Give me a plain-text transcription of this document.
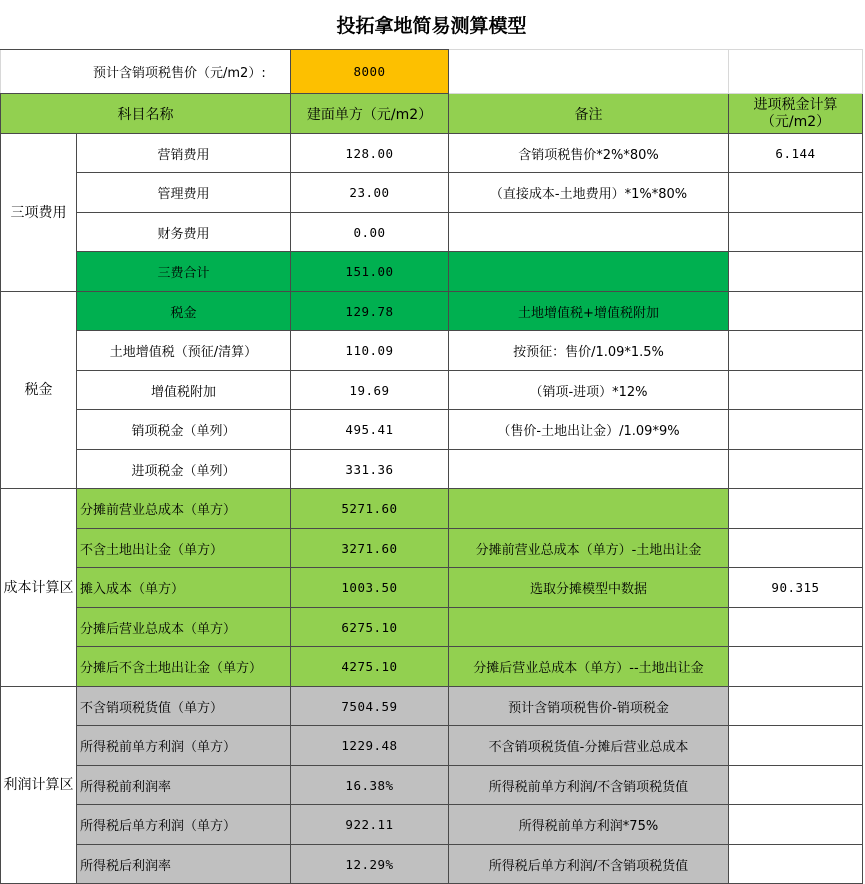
投拓拿地简易测算模型				
预计含销项税售价（元/m2）:		8000		
科目名称		建面单方（元/m2）	备注	进项税金计算（元/m2）
三项费用	营销费用	128.00	含销项税售价*2%*80%	6.144
	管理费用	23.00	（直接成本-土地费用）*1%*80%	
	财务费用	0.00		
	三费合计	151.00		
税金	税金	129.78	土地增值税+增值税附加	
	土地增值税（预征/清算）	110.09	按预征：售价/1.09*1.5%	
	增值税附加	19.69	（销项-进项）*12%	
	销项税金（单列）	495.41	（售价-土地出让金）/1.09*9%	
	进项税金（单列）	331.36		
成本计算区	分摊前营业总成本（单方）	5271.60		
	不含土地出让金（单方）	3271.60	分摊前营业总成本（单方）-土地出让金	
	摊入成本（单方）	1003.50	选取分摊模型中数据	90.315
	分摊后营业总成本（单方）	6275.10		
	分摊后不含土地出让金（单方）	4275.10	分摊后营业总成本（单方）--土地出让金	
利润计算区	不含销项税货值（单方）	7504.59	预计含销项税售价-销项税金	
	所得税前单方利润（单方）	1229.48	不含销项税货值-分摊后营业总成本	
	所得税前利润率	16.38%	所得税前单方利润/不含销项税货值	
	所得税后单方利润（单方）	922.11	所得税前单方利润*75%	
	所得税后利润率	12.29%	所得税后单方利润/不含销项税货值	
